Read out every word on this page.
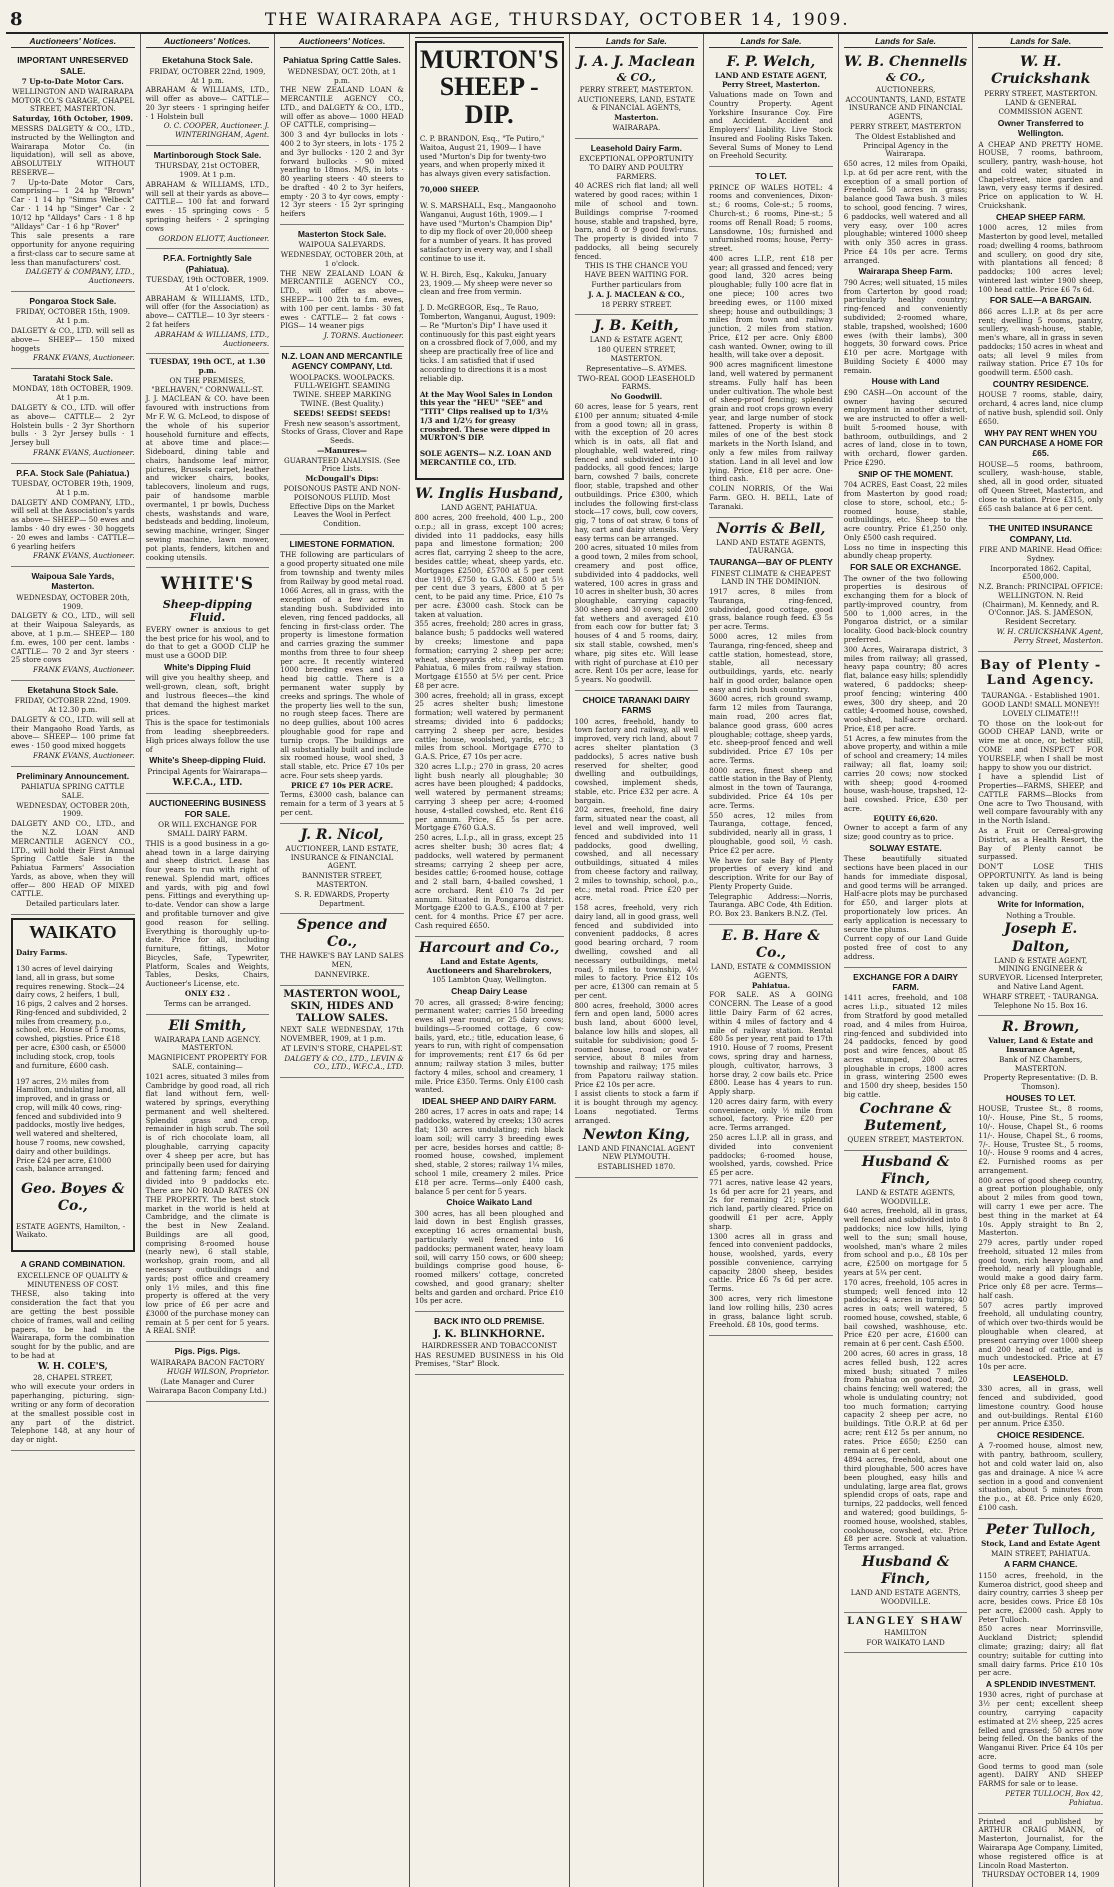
8	THE WAIRARAPA AGE, THURSDAY, OCTOBER 14, 1909.
Auctioneers' Notices.
IMPORTANT UNRESERVED SALE.

7 Up-to-Date Motor Cars.

WELLINGTON AND WAIRARAPA MOTOR CO.'S GARAGE, CHAPEL STREET, MASTERTON.

Saturday, 16th October, 1909.

MESSRS DALGETY & CO., LTD., instructed by the Wellington and Wairarapa Motor Co. (in liquidation), will sell as above, ABSOLUTELY WITHOUT RESERVE—

7 Up-to-Date Motor Cars, comprising— 1 24 hp "Brown" Car · 1 14 hp "Simms Welbeck" Car · 1 14 hp "Singer" Car · 2 10/12 hp "Alldays" Cars · 1 8 hp "Alldays" Car · 1 6 hp "Rover"

This sale presents a rare opportunity for anyone requiring a first-class car to secure same at less than manufacturers' cost.

DALGETY & COMPANY, LTD., Auctioneers.

Pongaroa Stock Sale.

FRIDAY, OCTOBER 15th, 1909. At 1 p.m.

DALGETY & CO., LTD. will sell as above— SHEEP— 150 mixed hoggets

FRANK EVANS, Auctioneer.

Taratahi Stock Sale.

MONDAY, 18th OCTOBER, 1909. At 1 p.m.

DALGETY & CO., LTD. will offer as above— CATTLE— 2 2yr Holstein bulls · 2 3yr Shorthorn bulls · 3 2yr Jersey bulls · 1 Jersey bull

FRANK EVANS, Auctioneer.

P.F.A. Stock Sale (Pahiatua.)

TUESDAY, OCTOBER 19th, 1909, At 1 p.m.

DALGETY AND COMPANY, LTD., will sell at the Association's yards as above— SHEEP— 50 ewes and lambs · 40 dry ewes · 30 hoggets · 20 ewes and lambs · CATTLE— 6 yearling heifers

FRANK EVANS, Auctioneer.

Waipoua Sale Yards, Masterton.

WEDNESDAY, OCTOBER 20th, 1909.

DALGETY & CO., LTD., will sell at their Waipoua Saleyards, as above, at 1 p.m.— SHEEP— 180 f.m. ewes, 100 per cent. lambs · CATTLE— 70 2 and 3yr steers · 25 store cows

FRANK EVANS, Auctioneer.

Eketahuna Stock Sale.

FRIDAY, OCTOBER 22nd, 1909. At 12.30 p.m.

DALGETY & CO., LTD. will sell at their Mangaoho Road Yards, as above— SHEEP— 100 prime fat ewes · 150 good mixed hoggets

FRANK EVANS, Auctioneer.

Preliminary Announcement.

PAHIATUA SPRING CATTLE SALE.

WEDNESDAY, OCTOBER 20th, 1909.

DALGETY AND CO., LTD., and the N.Z. LOAN AND MERCANTILE AGENCY CO., LTD., will hold their First Annual Spring Cattle Sale in the Pahiatua Farmers' Association Yards, as above, when they will offer— 800 HEAD OF MIXED CATTLE.

Detailed particulars later.

WAIKATO

Dairy Farms.

130 acres of level dairying land, all in grass, but some requires renewing. Stock—24 dairy cows, 2 heifers, 1 bull, 16 pigs, 2 calves and 2 horses. Ring-fenced and subdivided, 2 miles from creamery, p.o., school, etc. House of 5 rooms, cowshed, pigsties. Price £18 per acre, £300 cash, or £5000 including stock, crop, tools and furniture, £600 cash.

197 acres, 2½ miles from Hamilton, undulating land, all improved, and in grass or crop, will milk 40 cows, ring-fenced and subdivided into 9 paddocks, mostly live hedges, well watered and sheltered, house 7 rooms, new cowshed, dairy and other buildings. Price £24 per acre, £1000 cash, balance arranged.

Geo. Boyes & Co.,

ESTATE AGENTS, Hamilton, - Waikato.

A GRAND COMBINATION.

EXCELLENCE OF QUALITY & MINUTENESS OF COST.

THESE, also taking into consideration the fact that you are getting the best possible choice of frames, wall and ceiling papers, to be had in the Wairarapa, form the combination sought for by the public, and are to be had at

W. H. COLE'S,

28, CHAPEL STREET,

who will execute your orders in paperhanging, picturing, sign-writing or any form of decoration at the smallest possible cost in any part of the district. Telephone 148, at any hour of day or night.

Auctioneers' Notices.
Eketahuna Stock Sale.

FRIDAY, OCTOBER 22nd, 1909, At 1 p.m.

ABRAHAM & WILLIAMS, LTD., will offer as above— CATTLE— 20 3yr steers · 1 springing heifer · 1 Holstein bull

O. C. COOPER, Auctioneer. J. WINTERINGHAM, Agent.

Martinborough Stock Sale.

THURSDAY, 21st OCTOBER, 1909. At 1 p.m.

ABRAHAM & WILLIAMS, LTD., will sell at their yards as above— CATTLE— 100 fat and forward ewes · 15 springing cows · 5 springing heifers · 2 springing cows

GORDON ELIOTT, Auctioneer.

P.F.A. Fortnightly Sale (Pahiatua).

TUESDAY, 19th OCTOBER, 1909. At 1 o'clock.

ABRAHAM & WILLIAMS, LTD., will offer (for the Association) as above— CATTLE— 10 3yr steers · 2 fat heifers

ABRAHAM & WILLIAMS, LTD., Auctioneers.

TUESDAY, 19th OCT., at 1.30 p.m.

ON THE PREMISES, "BELHAVEN," CORNWALL-ST.

J. J. MACLEAN & CO. have been favoured with instructions from Mr F. W. G. McLeod, to dispose of the whole of his superior household furniture and effects, at above time and place:— Sideboard, dining table and chairs, handsome leaf mirror, pictures, Brussels carpet, leather and wicker chairs, books, tablecovers, linoleum and rugs, pair of handsome marble overmantel, 1 pr bowls, Duchess chests, washstands and ware, bedsteads and bedding, linoleum, sewing machine, wringer, Singer sewing machine, lawn mower, pot plants, fenders, kitchen and cooking utensils.

WHITE'S
Sheep-dipping Fluid.

EVERY owner is anxious to get the best price for his wool, and to do that to get a GOOD CLIP he must use a GOOD DIP.

White's Dipping Fluid

will give you healthy sheep, and well-grown, clean, soft, bright and lustrous fleeces—the kind that demand the highest market prices.

This is the space for testimonials from leading sheepbreeders. High prices always follow the use of

White's Sheep-dipping Fluid.

Principal Agents for Wairarapa—

W.F.C.A., LTD.

AUCTIONEERING BUSINESS FOR SALE.

OR WILL EXCHANGE FOR SMALL DAIRY FARM.

THIS is a good business in a go-ahead town in a large dairying and sheep district. Lease has four years to run with right of renewal. Splendid mart, offices and yards, with pig and fowl pens. Fittings and everything up-to-date. Vendor can show a large and profitable turnover and give good reason for selling. Everything is thoroughly up-to-date. Price for all, including furniture, fittings, Motor Bicycles, Safe, Typewriter, Platform, Scales and Weights, Tables, Desks, Chairs, Auctioneer's License, etc.

ONLY £32 .

Terms can be arranged.

Eli Smith,

WAIRARAPA LAND AGENCY. MASTERTON.

MAGNIFICENT PROPERTY FOR SALE, containing—

1021 acres, situated 3 miles from Cambridge by good road, all rich flat land without fern, well-watered by springs, everything permanent and well sheltered. Splendid grass and crop, remainder in high scrub. The soil is of rich chocolate loam, all ploughable, carrying capacity over 4 sheep per acre, but has principally been used for dairying and fattening farm; fenced and divided into 9 paddocks etc. There are NO ROAD RATES ON THE PROPERTY. The best stock market in the world is held at Cambridge, and the climate is the best in New Zealand. Buildings are all good, comprising 8-roomed house (nearly new), 6 stall stable, workshop, grain room, and all necessary outbuildings and yards; post office and creamery only 1½ miles, and this fine property is offered at the very low price of £6 per acre and £3000 of the purchase money can remain at 5 per cent for 5 years. A REAL SNIP.

Pigs. Pigs. Pigs.

WAIRARAPA BACON FACTORY

HUGH WILSON, Proprietor.

(Late Manager and Curer Wairarapa Bacon Company Ltd.)

Auctioneers' Notices.
Pahiatua Spring Cattle Sales.

WEDNESDAY, OCT. 20th, at 1 p.m.

THE NEW ZEALAND LOAN & MERCANTILE AGENCY CO., LTD., and DALGETY & CO., LTD., will offer as above— 1000 HEAD OF CATTLE, comprising—

300 3 and 4yr bullocks in lots · 400 2 to 3yr steers, in lots · 175 2 and 3yr bullocks · 120 2 and 3yr forward bullocks · 90 mixed yearling to 18mos. M/S, in lots · 80 yearling steers · 40 steers to be drafted · 40 2 to 3yr heifers, empty · 20 3 to 4yr cows, empty · 12 3yr steers · 15 2yr springing heifers

Masterton Stock Sale.

WAIPOUA SALEYARDS.

WEDNESDAY, OCTOBER 20th, at 1 o'clock.

THE NEW ZEALAND LOAN & MERCANTILE AGENCY CO., LTD., will offer as above— SHEEP— 100 2th to f.m. ewes, with 100 per cent. lambs · 30 fat ewes · CATTLE— 2 fat cows · PIGS— 14 weaner pigs

J. TORNS. Auctioneer.

N.Z. LOAN AND MERCANTILE AGENCY COMPANY, Ltd.

WOOLPACKS. WOOLPACKS. FULL-WEIGHT. SEAMING TWINE. SHEEP MARKING TWINE. (Best Quality.)

SEEDS! SEEDS! SEEDS!

Fresh new season's assortment, Stocks of Grass, Clover and Rape Seeds.

—Manures—

GUARANTEED ANALYSIS. (See Price Lists.

McDougall's Dips:

POISONOUS PASTE AND NON-POISONOUS FLUID. Most Effective Dips on the Market Leaves the Wool in Perfect Condition.

LIMESTONE FORMATION.

THE following are particulars of a good property situated one mile from township and twenty miles from Railway by good metal road.

1066 Acres, all in grass, with the exception of a few acres in standing bush. Subdivided into eleven, ring fenced paddocks, all fencing in first-class order. The property is limestone formation and carries grazing the summer months from three to four sheep per acre. It recently wintered 1000 breeding ewes and 120 head big cattle. There is a permanent water supply by creeks and springs. The whole of the property lies well to the sun, no rough steep faces. There are no deep gullies, about 100 acres ploughable good for rape and turnip crops. The buildings are all substantially built and include six roomed house, wool shed, 3 stall stable, etc. Price £7 10s per acre. Four sets sheep yards.

PRICE £7 10s PER ACRE.

Terms, £3000 cash, balance can remain for a term of 3 years at 5 per cent.

J. R. Nicol,

AUCTIONEER, LAND ESTATE, INSURANCE & FINANCIAL AGENT.

BANNISTER STREET, MASTERTON.

S. R. EDWARDS, Property Department.

Spence and Co.,

THE HAWKE'S BAY LAND SALES MEN,

DANNEVIRKE.

MASTERTON WOOL, SKIN, HIDES AND TALLOW SALES.

NEXT SALE WEDNESDAY, 17th NOVEMBER, 1909, at 1 p.m.

AT LEVIN'S STORE, CHAPEL-ST.

DALGETY & CO., LTD., LEVIN & CO., LTD., W.F.C.A., LTD.

MURTON'S
SHEEP - DIP.

C. P. BRANDON, Esq., "Te Putiro," Waitoa, August 21, 1909— I have used "Murton's Dip for twenty-two years, and when properly mixed it has always given every satisfaction.

70,000 SHEEP.

W. S. MARSHALL, Esq., Mangaonoho Wanganui, August 16th, 1909.— I have used "Murton's Champion Dip" to dip my flock of over 20,000 sheep for a number of years. It has proved satisfactory in every way, and I shall continue to use it.

W. H. Birch, Esq., Kakuku, January 23, 1909.— My sheep were never so clean and free from vermin.

J. D. McGREGOR, Esq., Te Rauo, Tomberton, Wanganui, August, 1909:— Re "Murton's Dip" I have used it continuously for this past eight years on a crossbred flock of 7,000, and my sheep are practically free of lice and ticks. I am satisfied that if used according to directions it is a most reliable dip.

At the May Wool Sales in London this year the "HEU" "SEE" and "TITI" Clips realised up to 1/3½ 1/3 and 1/2½ for greasy crossbred. These were dipped in MURTON'S DIP.

SOLE AGENTS— N.Z. LOAN AND MERCANTILE CO., LTD.

W. Inglis Husband,

LAND AGENT, PAHIATUA.

800 acres, 200 freehold, 400 L.p., 200 o.r.p.; all in grass, except 100 acres; divided into 11 paddocks, easy hills papa and limestone formation; 200 acres flat, carrying 2 sheep to the acre, besides cattle; wheat, sheep yards, etc. Mortgages £2500, £5700 at 5 per cent due 1910, £750 to G.A.S. £800 at 5½ per cent due 3 years, £800 at 5 per cent, to be paid any time. Price, £10 7s per acre. £3000 cash. Stock can be taken at valuation.

355 acres, freehold; 280 acres in grass, balance bush; 5 paddocks well watered by creeks; limestone and papa formation; carrying 2 sheep per acre; wheat, sheepyards etc.; 9 miles from Pahiatua, 6 miles from railway station. Mortgage £1550 at 5½ per cent. Price £8 per acre.

300 acres, freehold; all in grass, except 25 acres shelter bush; limestone formation; well watered by permanent streams; divided into 6 paddocks; carrying 2 sheep per acre, besides cattle; house, woolshed, yards, etc.; 3 miles from school. Mortgage £770 to G.A.S. Price, £7 10s per acre.

320 acres L.I.p.; 270 in grass, 20 acres light bush nearly all ploughable; 30 acres have been ploughed; 4 paddocks, well watered by permanent streams; carrying 3 sheep per acre; 4-roomed house, 4-stalled cowshed, etc. Rent £16 per annum. Price, £5 5s per acre. Mortgage £760 G.A.S.

250 acres, L.I.p., all in grass, except 25 acres shelter bush; 30 acres flat; 4 paddocks, well watered by permanent streams; carrying 2 sheep per acre, besides cattle; 6-roomed house, cottage and 2 stall barn, 4-bailed cowshed, 1 acre orchard. Rent £10 7s 2d per annum. Situated in Pongaroa district. Mortgage £200 to G.A.S., £100 at 7 per cent. for 4 months. Price £7 per acre. Cash required £650.

Harcourt and Co.,

Land and Estate Agents, Auctioneers and Sharebrokers,

105 Lambton Quay, Wellington.

Cheap Dairy Lease

70 acres, all grassed; 8-wire fencing; permanent water; carries 150 breeding ewes all year round, or 25 dairy cows; buildings—5-roomed cottage, 6 cow-bails, yard, etc.; title, education lease, 6 years to run, with right of compensation for improvements; rent £17 6s 6d per annum; railway station 3 miles, butter factory 4 miles, school and creamery, 1 mile. Price £350. Terms. Only £100 cash wanted.

IDEAL SHEEP AND DAIRY FARM.

280 acres, 17 acres in oats and rape; 14 paddocks, watered by creeks; 130 acres flat; 130 acres undulating; rich black loam soil; will carry 3 breeding ewes per acre, besides horses and cattle; 8-roomed house, cowshed, implement shed, stable, 2 stores; railway 1¼ miles, school 1 mile, creamery 2 miles. Price £18 per acre. Terms—only £400 cash, balance 5 per cent for 5 years.

Choice Waikato Land

300 acres, has all been ploughed and laid down in best English grasses, excepting 16 acres ornamental bush, particularly well fenced into 16 paddocks; permanent water, heavy loam soil, will carry 150 cows, or 600 sheep; buildings comprise good house, 6-roomed milkers' cottage, concreted cowshed, and good granary; shelter belts and garden and orchard. Price £10 10s per acre.

BACK INTO OLD PREMISE.
J. K. BLINKHORNE.

HAIRDRESSER AND TOBACCONIST

HAS RESUMED BUSINESS in his Old Premises, "Star" Block.

Lands for Sale.
J. A. J. Maclean
& CO.,

PERRY STREET, MASTERTON.

AUCTIONEERS, LAND, ESTATE & FINANCIAL AGENTS,

Masterton.

WAIRARAPA.

Leasehold Dairy Farm.

EXCEPTIONAL OPPORTUNITY TO DAIRY AND POULTRY FARMERS.

40 ACRES rich flat land; all well watered by good races; within 1 mile of school and town. Buildings comprise 7-roomed house, stable and trapshed, byre, barn, and 8 or 9 good fowl-runs. The property is divided into 7 paddocks, all being securely fenced.

THIS IS THE CHANCE YOU HAVE BEEN WAITING FOR.

Further particulars from

J. A. J. MACLEAN & CO.,

18 PERRY STREET.

J. B. Keith,

LAND & ESTATE AGENT,

180 QUEEN STREET, MASTERTON.

Representative—S. AYMES.

TWO-REAL GOOD LEASEHOLD FARMS.

No Goodwill.

60 acres, lease for 5 years, rent £100 per annum; situated 4-mile from a good town; all in grass, with the exception of 20 acres which is in oats, all flat and ploughable, well watered, ring-fenced and subdivided into 10 paddocks, all good fences; large barn, cowshed 7 bails, concrete floor, stable, trapshed and other outbuildings. Price £300, which includes the following first-class stock—17 cows, bull, cow covers, gig, 7 tons of oat straw, 6 tons of hay, cart and dairy utensils. Very easy terms can be arranged.

200 acres, situated 10 miles from a good town, 2 miles from school, creamery and post office, subdivided into 4 paddocks, well watered, 100 acres in grass and 10 acres in shelter bush, 30 acres ploughable, carrying capacity 300 sheep and 30 cows; sold 200 fat wethers and averaged £10 from each cow for butter fat; 3 houses of 4 and 5 rooms, dairy, six stall stable, cowshed, men's whare, pig sites etc. Will lease with right of purchase at £10 per acre. Rent 10s per acre, lease for 5 years. No goodwill.

CHOICE TARANAKI DAIRY FARMS

100 acres, freehold, handy to town factory and railway, all well improved, very rich land, about 7 acres shelter plantation (3 paddocks), 5 acres native bush reserved for shelter, good dwelling and outbuildings, cowshed, implement sheds, stable, etc. Price £32 per acre. A bargain.

202 acres, freehold, fine dairy farm, situated near the coast, all level and well improved, well fenced and subdivided into 11 paddocks, good dwelling, cowshed, and all necessary outbuildings, situated 4 miles from cheese factory and railway, 2 miles to township, school, p.o., etc.; metal road. Price £20 per acre.

158 acres, freehold, very rich dairy land, all in good grass, well fenced and subdivided into convenient paddocks, 8 acres good bearing orchard, 7 room dwelling, cowshed and all necessary outbuildings, metal road, 5 miles to township, 4½ miles to factory. Price £12 10s per acre, £1300 can remain at 5 per cent.

800 acres, freehold, 3000 acres fern and open land, 5000 acres bush land, about 6000 level, balance low hills and slopes, all suitable for subdivision; good 5-roomed house, road or water service, about 8 miles from township and railway; 175 miles from Papatoru railway station. Price £2 10s per acre.

I assist clients to stock a farm if it is bought through my agency. Loans negotiated. Terms arranged.

Newton King,

LAND AND FINANCIAL AGENT NEW PLYMOUTH.

ESTABLISHED 1870.

Lands for Sale.
F. P. Welch,

LAND AND ESTATE AGENT, Perry Street, Masterton.

Valuations made on Town and Country Property. Agent Yorkshire Insurance Coy. Fire and Accident. Accident and Employers' Liability. Live Stock Insured and Fooling Risks Taken. Several Sums of Money to Lend on Freehold Security.

TO LET.

PRINCE OF WALES HOTEL: 4 rooms and conveniences, Dixon-st.; 6 rooms, Cole-st.; 5 rooms, Church-st.; 6 rooms, Pine-st.; 5 rooms off Renall Road; 5 rooms, Lansdowne, 10s; furnished and unfurnished rooms; house, Perry-street.

400 acres L.I.P., rent £18 per year; all grassed and fenced; very good land, 320 acres being ploughable; fully 100 acre flat in one piece; 100 acres two breeding ewes, or 1100 mixed sheep; house and outbuildings; 3 miles from town and railway junction, 2 miles from station. Price, £12 per acre. Only £800 cash wanted. Owner, owing to ill health, will take over a deposit.

900 acres magnificent limestone land, well watered by permanent streams. Fully half has been under cultivation. The whole best of sheep-proof fencing; splendid grain and root crops grown every year, and large number of stock fattened. Property is within 8 miles of one of the best stock markets in the North Island, and only a few miles from railway station. Land in all level and low lying. Price, £18 per acre. One-third cash.

COLIN NORRIS, Of the Wai Farm. GEO. H. BELL, Late of Taranaki.

Norris & Bell,

LAND AND ESTATE AGENTS, TAURANGA.

TAURANGA—BAY OF PLENTY

FINEST CLIMATE & CHEAPEST LAND IN THE DOMINION.

1917 acres, 8 miles from Tauranga, ring-fenced, subdivided, good cottage, good grass, balance rough feed. £3 5s per acre. Terms.

5000 acres, 12 miles from Tauranga, ring-fenced, sheep and cattle station, homestead, store, stable, all necessary outbuildings, yards, etc. nearly half in good order, balance open easy and rich bush country.

3600 acres, rich ground swamp, farm 12 miles from Tauranga, main road, 200 acres flat, balance good grass, 600 acres ploughable; cottage, sheep yards, etc. sheep-proof fenced and well subdivided. Price £7 10s per acre. Terms.

8000 acres, finest sheep and cattle station in the Bay of Plenty, almost in the town of Tauranga, subdivided. Price £4 10s per acre. Terms.

550 acres, 12 miles from Tauranga, cottage, fenced, subdivided, nearly all in grass, 1 ploughable, good soil, ½ cash. Price £2 per acre.

We have for sale Bay of Plenty properties of every kind and description. Write for our Bay of Plenty Property Guide.

Telegraphic Address:—Norris, Tauranga. ABC Code, 4th Edition. P.O. Box 23. Bankers B.N.Z. (Tel.

E. B. Hare & Co.,

LAND, ESTATE & COMMISSION AGENTS,

Pahiatua.

FOR SALE. AS A GOING CONCERN. The Lease of a good little Dairy Farm of 62 acres, within 4 miles of factory and 4 mile of railway station. Rental £80 5s per year, rent paid to 17th 1910. House of 7 rooms, Present cows, spring dray and harness, plough, cultivator, harrows, 3 horse dray, 2 cow bails etc. Price £800. Lease has 4 years to run. Apply sharp.

120 acres dairy farm, with every convenience, only ½ mile from school, factory. Price £20 per acre. Terms arranged.

250 acres L.I.P. all in grass, and divided into convenient paddocks; 6-roomed house, woolshed, yards, cowshed. Price £5 per acre.

771 acres, native lease 42 years, 1s 6d per acre for 21 years, and 2s for remaining 21; splendid rich land, partly cleared. Price on goodwill £1 per acre, Apply sharp.

1300 acres all in grass and fenced into convenient paddocks, house, woolshed, yards, every possible convenience, carrying capacity 2800 sheep, besides cattle. Price £6 7s 6d per acre. Terms.

300 acres, very rich limestone land low rolling hills, 230 acres in grass, balance light scrub. Freehold. £8 10s, good terms.

Lands for Sale.
W. B. Chennells
& CO.,

AUCTIONEERS,

ACCOUNTANTS, LAND, ESTATE INSURANCE AND FINANCIAL AGENTS,

PERRY STREET, MASTERTON

The Oldest Established and Principal Agency in the Wairarapa.

650 acres, 12 miles from Opaiki, l.p. at 6d per acre rent, with the exception of a small portion of Freehold. 50 acres in grass; balance good Tawa bush. 3 miles to school, good fencing. 7 wires, 6 paddocks, well watered and all very easy, over 100 acres ploughable; wintered 1000 sheep with only 350 acres in grass. Price £4 10s per acre. Terms arranged.

Wairarapa Sheep Farm.

790 Acres; well situated, 15 miles from Carterton by good road; particularly healthy country; ring-fenced and conveniently subdivided; 2-roomed whare, stable, trapshed, woolshed; 1600 ewes (with their lambs), 300 hoggets, 30 forward cows. Price £10 per acre. Mortgage with Building Society £ 4000 may remain.

House with Land

£90 CASH—On account of the owner having secured employment in another district, we are instructed to offer a well-built 5-roomed house, with bathroom, outbuildings, and 2 acres of land, close in to town, with orchard, flower garden. Price £290.

SNIP OF THE MOMENT.

704 ACRES, East Coast, 22 miles from Masterton by good road; close to store, school, etc.; 5-roomed house, stable, outbuildings, etc. Sheep to the acre country. Price £1,250 only. Only £500 cash required.

Loss no time in inspecting this abundly cheap property.

FOR SALE OR EXCHANGE.

The owner of the two following properties is desirous of exchanging them for a block of partly-improved country, from 500 to 1,000 acres, in the Pongaroa district, or a similar locality. Good back-block country preferred.

300 Acres, Wairarapa district, 3 miles from railway; all grassed, heavy papa country; 80 acres flat, balance easy hills; splendidly watered, 6 paddocks; sheep-proof fencing; wintering 400 ewes, 300 dry sheep, and 20 cattle; 4-roomed house, cowshed, wool-shed, half-acre orchard. Price, £18 per acre.

51 Acres, a few minutes from the above property, and within a mile of school and creamery; 14 miles railway; all flat, loamy soil; carries 20 cows; now stocked with sheep; good 4-roomed house, wash-house, trapshed, 12-bail cowshed. Price, £30 per acre.

EQUITY £6,620.

Owner to accept a farm of any size; good country as to price.

SOLWAY ESTATE.

These beautifully situated sections have been placed in our hands for immediate disposal, and good terms will be arranged. Half-acre plots may be purchased for £50, and larger plots at proportionately low prices. An early application is necessary to secure the plums.

Current copy of our Land Guide posted free of cost to any address.

EXCHANGE FOR A DAIRY FARM.

1411 acres, freehold, and 108 acres l.i.p., situated 12 miles from Stratford by good metalled road, and 4 miles from Huiroa, ring-fenced and subdivided into 24 paddocks, fenced by good post and wire fences, about 85 acres stumped, 200 acres ploughable in crops, 1800 acres in grass, wintering 2500 ewes and 1500 dry sheep, besides 150 big cattle.

Cochrane & Butement,

QUEEN STREET, MASTERTON.

Husband & Finch,

LAND & ESTATE AGENTS, WOODVILLE.

640 acres, freehold, all in grass, well fenced and subdivided into 8 paddocks; nice low hills, lying well to the sun; small house, woolshed, man's whare 2 miles from school and p.o., £8 10s per acre, £2500 on mortgage for 5 years at 5¼ per cent.

170 acres, freehold, 105 acres in stumped; well fenced into 12 paddocks; 4 acres in turnips; 40 acres in oats; well watered, 5 roomed house, cowshed, stable, 6 bail cowshed, washhouse, etc. Price £20 per acre, £1600 can remain at 6 per cent. Cash £500.

200 acres, 60 acres in grass, 18 acres felled bush, 122 acres mixed bush; situated 7 miles from Pahiatua on good road, 20 chains fencing; well watered; the whole is undulating country; not too much formation; carrying capacity 2 sheep per acre, no buildings. Title O.R.P. at 6d per acre; rent £12 5s per annum, no rates. Price £650; £250 can remain at 6 per cent.

4894 acres, freehold, about one third ploughable, 500 acres have been ploughed, easy hills and undulating, large area flat, grows splendid crops of oats, rape and turnips, 22 paddocks, well fenced and watered; good buildings, 5-roomed house, woolshed, stables, cookhouse, cowshed, etc. Price £8 per acre. Stock at valuation. Terms arranged.

Husband & Finch,

LAND AND ESTATE AGENTS, WOODVILLE.

LANGLEY SHAW

HAMILTON

FOR WAIKATO LAND

Lands for Sale.
W. H. Cruickshank

PERRY STREET, MASTERTON.

LAND & GENERAL COMMISSION AGENT.

Owner Transferred to Wellington.

A CHEAP AND PRETTY HOME. HOUSE, 7 rooms, bathroom, scullery, pantry, wash-house, hot and cold water, situated in Chapel-street, nice garden and lawn, very easy terms if desired. Price on application to W. H. Cruickshank.

CHEAP SHEEP FARM.

1000 acres, 12 miles from Masterton by good level, metalled road; dwelling 4 rooms, bathroom and scullery, on good dry site, with plantations all fenced; 8 paddocks; 100 acres level; wintered last winter 1900 sheep, 100 head cattle. Price £6 7s 6d.

FOR SALE—A BARGAIN.

866 acres L.I.P. at 8s per acre rent; dwelling 5 rooms, pantry, scullery, wash-house, stable, men's whare, all in grass in seven paddocks; 150 acres in wheat and oats; all level 9 miles from railway station. Price £7 10s for goodwill term. £500 cash.

COUNTRY RESIDENCE.

HOUSE 7 rooms, stable, dairy, orchard, 4 acres land, nice clump of native bush, splendid soil. Only £650.

WHY PAY RENT WHEN YOU CAN PURCHASE A HOME FOR £65.

HOUSE—5 rooms, bathroom, scullery, wash-house, stable, shed, all in good order, situated off Queen Street, Masterton, and close to station. Price £315, only £65 cash balance at 6 per cent.

THE UNITED INSURANCE COMPANY, Ltd.

FIRE AND MARINE. Head Office: Sydney.

Incorporated 1862. Capital, £500,000.

N.Z. Branch: PRINCIPAL OFFICE: WELLINGTON. N. Reid (Chairman), M. Kennedy, and R. O'Connor. JAS. S. JAMESON, Resident Secretary.

W. H. CRUICKSHANK Agent, Perry Street, Masterton.

Bay of Plenty - Land Agency.

TAURANGA. - Established 1901. GOOD LAND! SMALL MONEY!! LOVELY CLIMATE!!!

TO those on the look-out for GOOD CHEAP LAND, write or wire me at once, or, better still, COME and INSPECT FOR YOURSELF, when I shall be most happy to show you our district.

I have a splendid List of Properties—FARMS, SHEEP, and CATTLE FARMS—Blocks from One acre to Two Thousand, with well compare favourably with any in the North Island.

As a Fruit or Cereal-growing District, as a Health Resort, the Bay of Plenty cannot be surpassed.

DON'T LOSE THIS OPPORTUNITY. As land is being taken up daily, and prices are advancing.

Write for Information,

Nothing a Trouble.

Joseph E. Dalton,

LAND & ESTATE AGENT, MINING ENGINEER & SURVEYOR. Licensed Interpreter, and Native Land Agent.

WHARF STREET, - TAURANGA. Telephone No 15. Box 16.

R. Brown,

Valuer, Land & Estate and Insurance Agent,

Bank of NZ Chambers, MASTERTON.

Property Representative: (D. B. Thomson).

HOUSES TO LET.

HOUSE, Trustee St., 8 rooms, 10/-. House, Pine St., 5 rooms, 10/-. House, Chapel St., 6 rooms 11/-. House, Chapel St., 6 rooms, 7/-. House, Trustee St., 5 rooms, 10/-. House 9 rooms and 4 acres, £2. Furnished rooms as per arrangement.

800 acres of good sheep country, a great portion ploughable, only about 2 miles from good town, will carry 1 ewe per acre. The best thing in the market at £4 10s. Apply straight to Bn 2, Masterton.

279 acres, partly under roped freehold, situated 12 miles from good town, rich heavy loam and freehold, nearly all ploughable, would make a good dairy farm. Price only £8 per acre. Terms—half cash.

507 acres partly improved freehold, all undulating country, of which over two-thirds would be ploughable when cleared, at present carrying over 1000 sheep and 200 head of cattle, and is much undestocked. Price at £7 10s per acre.

LEASEHOLD.

330 acres, all in grass, well fenced and subdivided, good limestone country. Good house and out-buildings. Rental £160 per annum. Price £350.

CHOICE RESIDENCE.

A 7-roomed house, almost new, with pantry, bathroom, scullery, hot and cold water laid on, also gas and drainage. A nice ¼ acre section in a good and convenient situation, about 5 minutes from the p.o., at £8. Price only £620, £100 cash.

Peter Tulloch,

Stock, Land and Estate Agent

MAIN STREET, PAHIATUA.

A FARM CHANCE.

1150 acres, freehold, in the Kumeroa district, good sheep and dairy country, carries 3 sheep per acre, besides cows. Price £8 10s per acre, £2000 cash. Apply to Peter Tulloch.

850 acres near Morrinsville, Auckland District; splendid climate; grazing; dairy; all flat country; suitable for cutting into small dairy farms. Price £10 10s per acre.

A SPLENDID INVESTMENT.

1930 acres, right of purchase at 3½ per cent; excellent sheep country, carrying capacity estimated at 2½ sheep, 225 acres felled and grassed; 50 acres now being felled. On the banks of the Wanganui River. Price £4 10s per acre.

Good terms to good man (sole agent). DAIRY AND SHEEP FARMS for sale or to lease.

PETER TULLOCH, Box 42, Pahiatua.

Printed and published by ARTHUR CRAIG MANN, of Masterton, Journalist, for the Wairarapa Age Company, Limited, whose registered office is at Lincoln Road Masterton.

THURSDAY OCTOBER 14, 1909
